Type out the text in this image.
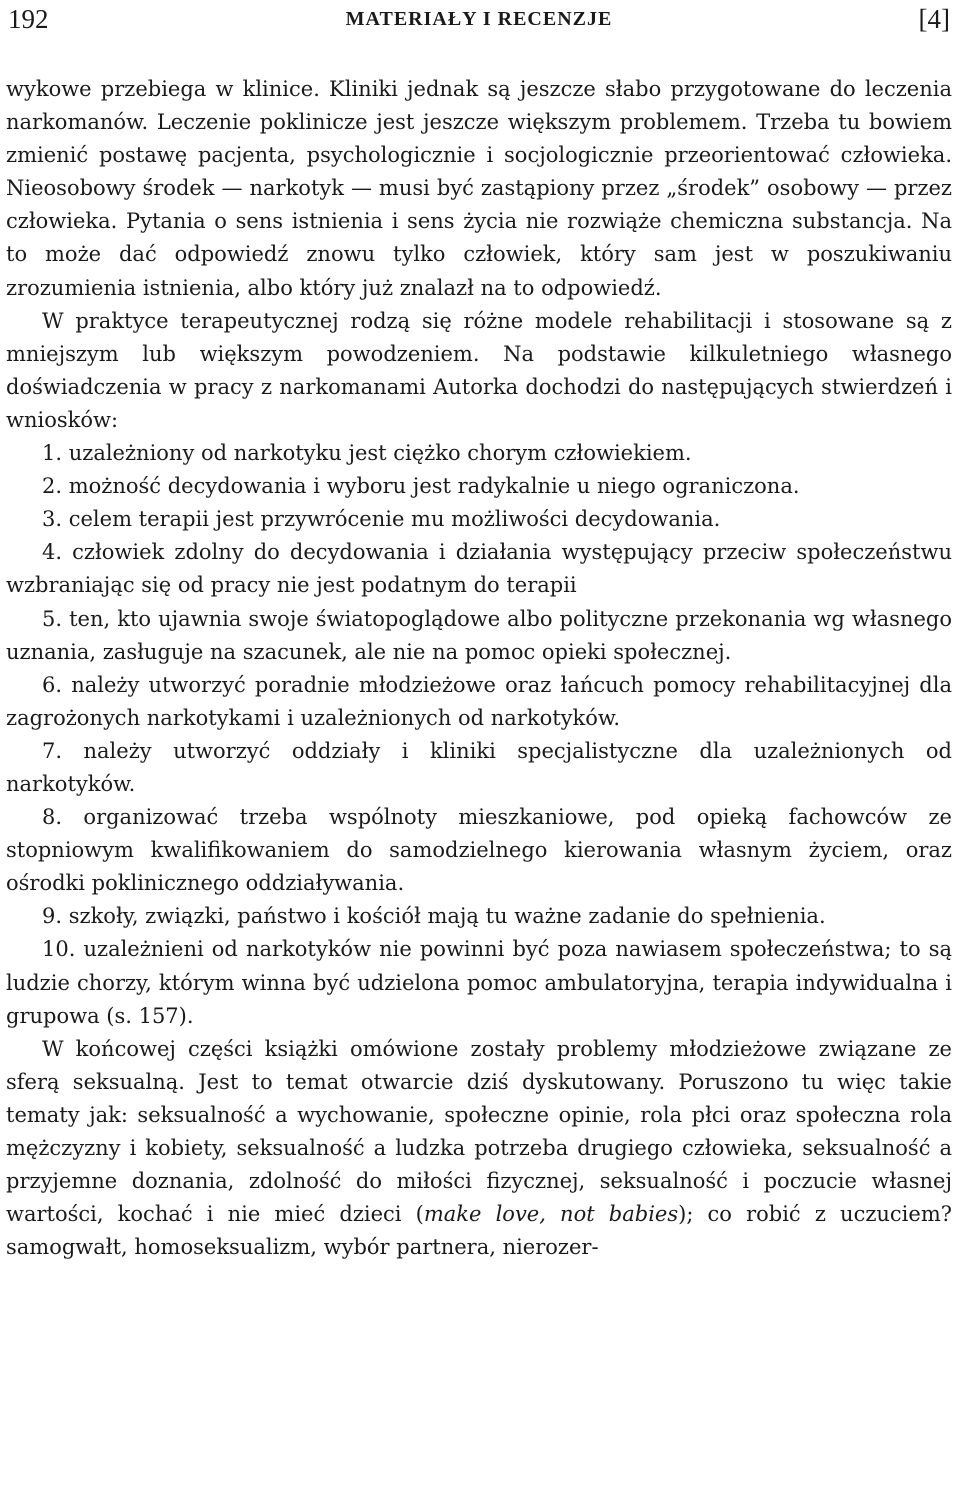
192	MATERIAŁY I RECENZJE	[4]

wykowe przebiega w klinice. Kliniki jednak są jeszcze słabo przygotowane do leczenia narkomanów. Leczenie poklinicze jest jeszcze większym problemem. Trzeba tu bowiem zmienić postawę pacjenta, psychologicznie i socjologicznie przeorientować człowieka. Nieosobowy środek — narkotyk — musi być zastąpiony przez „środek” osobowy — przez człowieka. Pytania o sens istnienia i sens życia nie rozwiąże chemiczna substancja. Na to może dać odpowiedź znowu tylko człowiek, który sam jest w poszukiwaniu zrozumienia istnienia, albo który już znalazł na to odpowiedź.

W praktyce terapeutycznej rodzą się różne modele rehabilitacji i stosowane są z mniejszym lub większym powodzeniem. Na podstawie kilkuletniego własnego doświadczenia w pracy z narkomanami Autorka dochodzi do następujących stwierdzeń i wniosków:

1. uzależniony od narkotyku jest ciężko chorym człowiekiem.

2. możność decydowania i wyboru jest radykalnie u niego ograniczona.

3. celem terapii jest przywrócenie mu możliwości decydowania.

4. człowiek zdolny do decydowania i działania występujący przeciw społeczeństwu wzbraniając się od pracy nie jest podatnym do terapii

5. ten, kto ujawnia swoje światopoglądowe albo polityczne przekonania wg własnego uznania, zasługuje na szacunek, ale nie na pomoc opieki społecznej.

6. należy utworzyć poradnie młodzieżowe oraz łańcuch pomocy rehabilitacyjnej dla zagrożonych narkotykami i uzależnionych od narkotyków.

7. należy utworzyć oddziały i kliniki specjalistyczne dla uzależnionych od narkotyków.

8. organizować trzeba wspólnoty mieszkaniowe, pod opieką fachowców ze stopniowym kwalifikowaniem do samodzielnego kierowania własnym życiem, oraz ośrodki poklinicznego oddziaływania.

9. szkoły, związki, państwo i kościół mają tu ważne zadanie do spełnienia.

10. uzależnieni od narkotyków nie powinni być poza nawiasem społeczeństwa; to są ludzie chorzy, którym winna być udzielona pomoc ambulatoryjna, terapia indywidualna i grupowa (s. 157).

W końcowej części książki omówione zostały problemy młodzieżowe związane ze sferą seksualną. Jest to temat otwarcie dziś dyskutowany. Poruszono tu więc takie tematy jak: seksualność a wychowanie, społeczne opinie, rola płci oraz społeczna rola mężczyzny i kobiety, seksualność a ludzka potrzeba drugiego człowieka, seksualność a przyjemne doznania, zdolność do miłości fizycznej, seksualność i poczucie własnej wartości, kochać i nie mieć dzieci (make love, not babies); co robić z uczuciem? samogwałt, homoseksualizm, wybór partnera, nierozer-
